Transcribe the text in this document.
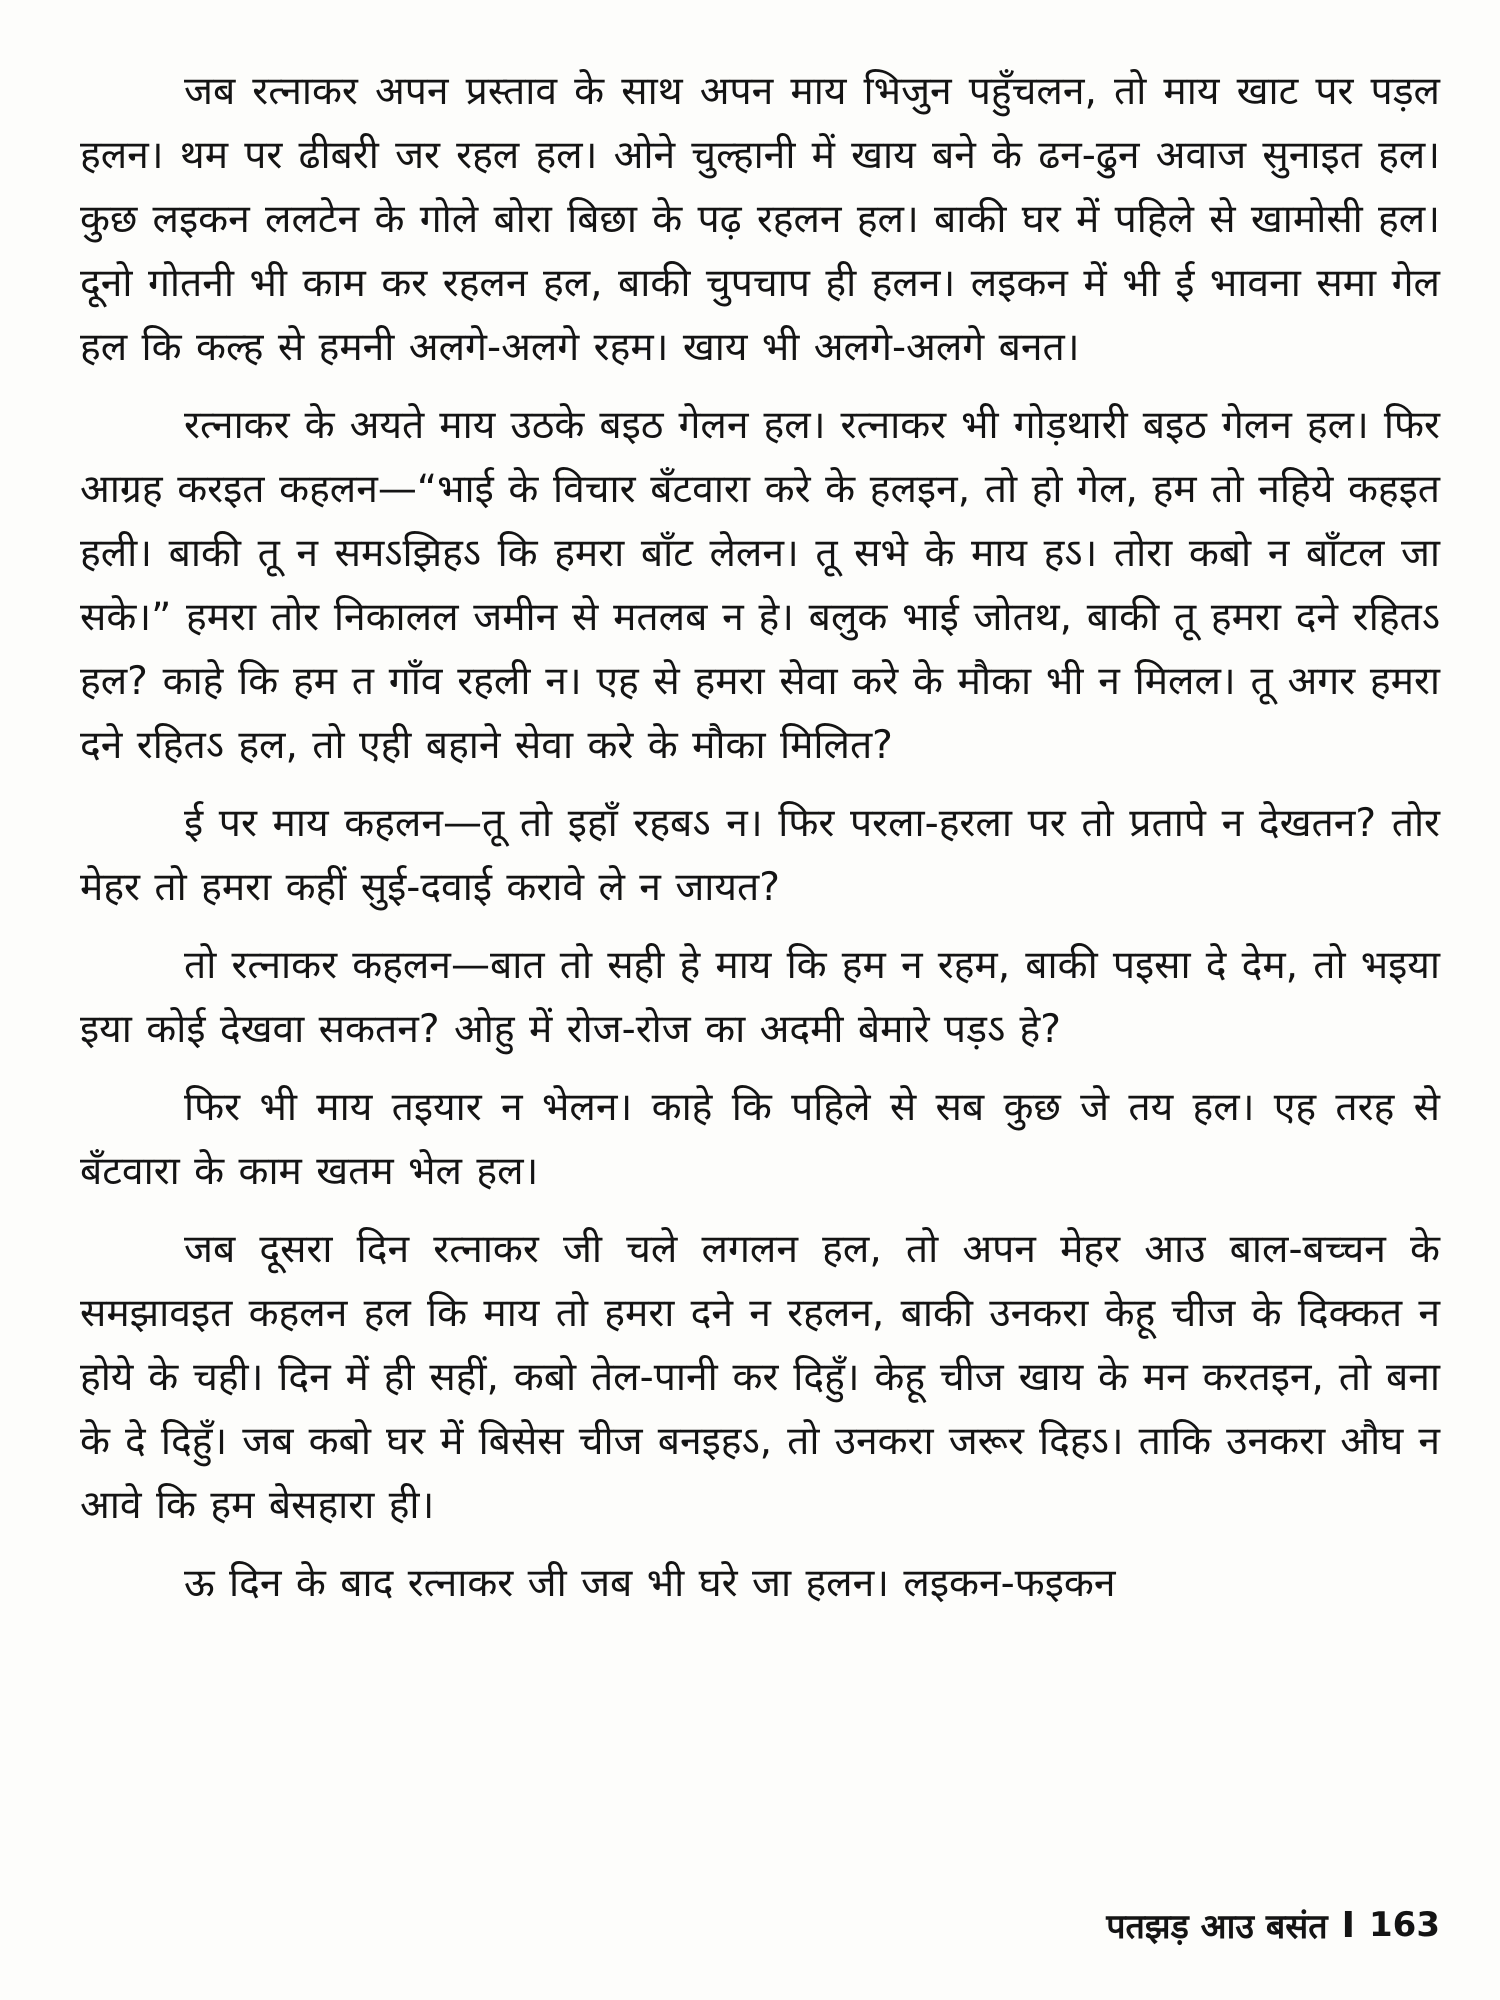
जब रत्नाकर अपन प्रस्ताव के साथ अपन माय भिजुन पहुँचलन, तो माय खाट पर पड़ल हलन। थम पर ढीबरी जर रहल हल। ओने चुल्हानी में खाय बने के ढन-ढुन अवाज सुनाइत हल। कुछ लइकन ललटेन के गोले बोरा बिछा के पढ़ रहलन हल। बाकी घर में पहिले से खामोसी हल। दूनो गोतनी भी काम कर रहलन हल, बाकी चुपचाप ही हलन। लइकन में भी ई भावना समा गेल हल कि कल्ह से हमनी अलगे-अलगे रहम। खाय भी अलगे-अलगे बनत।

रत्नाकर के अयते माय उठके बइठ गेलन हल। रत्नाकर भी गोड़थारी बइठ गेलन हल। फिर आग्रह करइत कहलन—“भाई के विचार बँटवारा करे के हलइन, तो हो गेल, हम तो नहिये कहइत हली। बाकी तू न समऽझिहऽ कि हमरा बाँट लेलन। तू सभे के माय हऽ। तोरा कबो न बाँटल जा सके।” हमरा तोर निकालल जमीन से मतलब न हे। बलुक भाई जोतथ, बाकी तू हमरा दने रहितऽ हल? काहे कि हम त गाँव रहली न। एह से हमरा सेवा करे के मौका भी न मिलल। तू अगर हमरा दने रहितऽ हल, तो एही बहाने सेवा करे के मौका मिलित?

ई पर माय कहलन—तू तो इहाँ रहबऽ न। फिर परला-हरला पर तो प्रतापे न देखतन? तोर मेहर तो हमरा कहीं सुई-दवाई करावे ले न जायत?

तो रत्नाकर कहलन—बात तो सही हे माय कि हम न रहम, बाकी पइसा दे देम, तो भइया इया कोई देखवा सकतन? ओहु में रोज-रोज का अदमी बेमारे पड़ऽ हे?

फिर भी माय तइयार न भेलन। काहे कि पहिले से सब कुछ जे तय हल। एह तरह से बँटवारा के काम खतम भेल हल।

जब दूसरा दिन रत्नाकर जी चले लगलन हल, तो अपन मेहर आउ बाल-बच्चन के समझावइत कहलन हल कि माय तो हमरा दने न रहलन, बाकी उनकरा केहू चीज के दिक्कत न होये के चही। दिन में ही सहीं, कबो तेल-पानी कर दिहुँ। केहू चीज खाय के मन करतइन, तो बना के दे दिहुँ। जब कबो घर में बिसेस चीज बनइहऽ, तो उनकरा जरूर दिहऽ। ताकि उनकरा औघ न आवे कि हम बेसहारा ही।

ऊ दिन के बाद रत्नाकर जी जब भी घरे जा हलन। लइकन-फइकन

पतझड़ आउ बसंत I 163
